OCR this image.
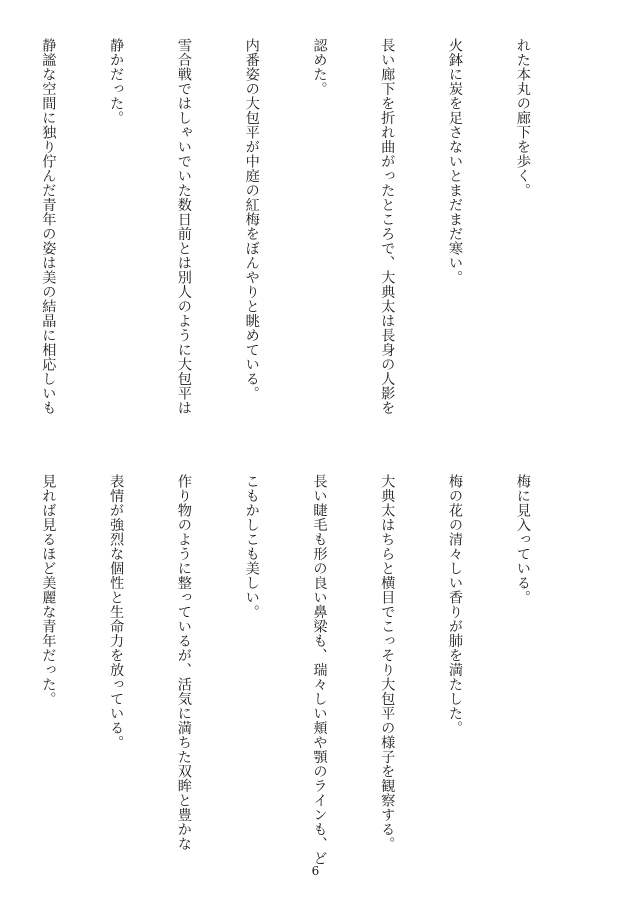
れた本丸の廊下を歩く。

火鉢に炭を足さないとまだまだ寒い。

長い廊下を折れ曲がったところで、大典太は長身の人影を

認めた。

内番姿の大包平が中庭の紅梅をぼんやりと眺めている。

雪合戦ではしゃいでいた数日前とは別人のように大包平は

静かだった。

静謐な空間に独り佇んだ青年の姿は美の結晶に相応しいも

梅に見入っている。

梅の花の清々しい香りが肺を満たした。

大典太はちらと横目でこっそり大包平の様子を観察する。

長い睫毛も形の良い鼻梁も、瑞々しい頬や顎のラインも、ど

こもかしこも美しい。

作り物のように整っているが、活気に満ちた双眸と豊かな

表情が強烈な個性と生命力を放っている。

見れば見るほど美麗な青年だった。

6
